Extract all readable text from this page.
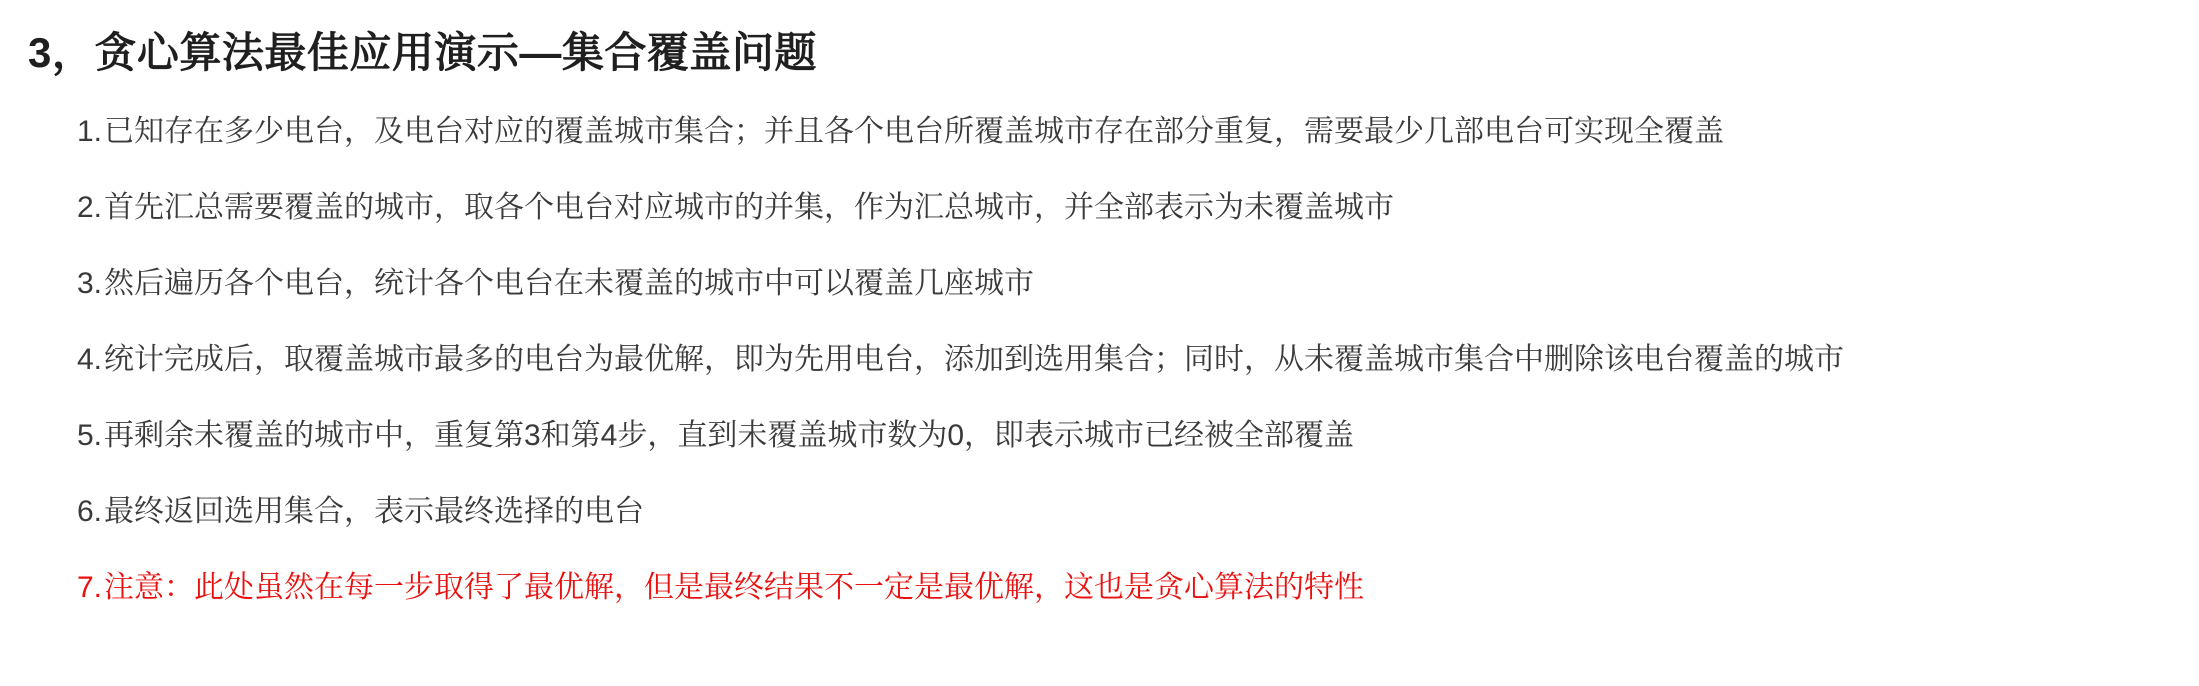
3，贪心算法最佳应用演示—集合覆盖问题
1. 已知存在多少电台，及电台对应的覆盖城市集合；并且各个电台所覆盖城市存在部分重复，需要最少几部电台可实现全覆盖
2. 首先汇总需要覆盖的城市，取各个电台对应城市的并集，作为汇总城市，并全部表示为未覆盖城市
3. 然后遍历各个电台，统计各个电台在未覆盖的城市中可以覆盖几座城市
4. 统计完成后，取覆盖城市最多的电台为最优解，即为先用电台，添加到选用集合；同时，从未覆盖城市集合中删除该电台覆盖的城市
5. 再剩余未覆盖的城市中，重复第3和第4步，直到未覆盖城市数为0，即表示城市已经被全部覆盖
6. 最终返回选用集合，表示最终选择的电台
7. 注意：此处虽然在每一步取得了最优解，但是最终结果不一定是最优解，这也是贪心算法的特性
